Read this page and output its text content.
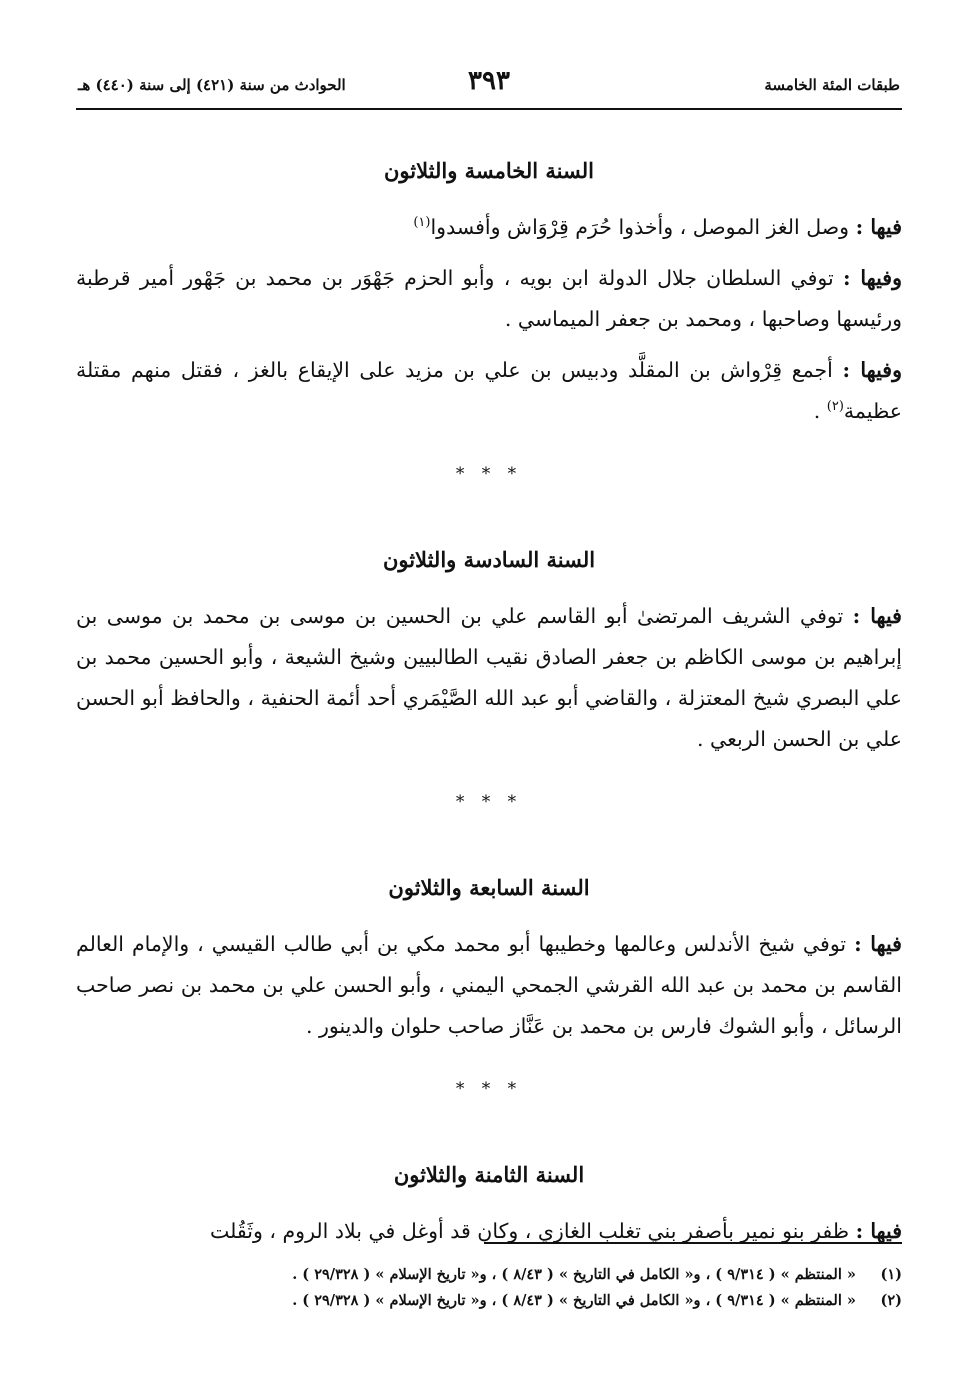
طبقات المئة الخامسة
٣٩٣
الحوادث من سنة (٤٢١) إلى سنة (٤٤٠) هـ
السنة الخامسة والثلاثون

فيها : وصل الغز الموصل ، وأخذوا حُرَم قِرْوَاش وأفسدوا$^{(١)}$

وفيها : توفي السلطان جلال الدولة ابن بويه ، وأبو الحزم جَهْوَر بن محمد بن جَهْور أمير قرطبة ورئيسها وصاحبها ، ومحمد بن جعفر الميماسي .

وفيها : أجمع قِرْواش بن المقلَّد ودبيس بن علي بن مزيد على الإيقاع بالغز ، فقتل منهم مقتلة عظيمة$^{(٢)}$ .

* * *
السنة السادسة والثلاثون

فيها : توفي الشريف المرتضىٰ أبو القاسم علي بن الحسين بن موسى بن محمد بن موسى بن إبراهيم بن موسى الكاظم بن جعفر الصادق نقيب الطالبيين وشيخ الشيعة ، وأبو الحسين محمد بن علي البصري شيخ المعتزلة ، والقاضي أبو عبد الله الصَّيْمَري أحد أئمة الحنفية ، والحافظ أبو الحسن علي بن الحسن الربعي .

* * *
السنة السابعة والثلاثون

فيها : توفي شيخ الأندلس وعالمها وخطيبها أبو محمد مكي بن أبي طالب القيسي ، والإمام العالم القاسم بن محمد بن عبد الله القرشي الجمحي اليمني ، وأبو الحسن علي بن محمد بن نصر صاحب الرسائل ، وأبو الشوك فارس بن محمد بن عَنَّاز صاحب حلوان والدينور .

* * *
السنة الثامنة والثلاثون

فيها : ظفر بنو نمير بأصفر بني تغلب الغازي ، وكان قد أوغل في بلاد الروم ، وثَقُلت

(١)
« المنتظم » ( ٩/٣١٤ ) ، و« الكامل في التاريخ » ( ٨/٤٣ ) ، و« تاريخ الإسلام » ( ٢٩/٣٢٨ ) .
(٢)
« المنتظم » ( ٩/٣١٤ ) ، و« الكامل في التاريخ » ( ٨/٤٣ ) ، و« تاريخ الإسلام » ( ٢٩/٣٢٨ ) .
